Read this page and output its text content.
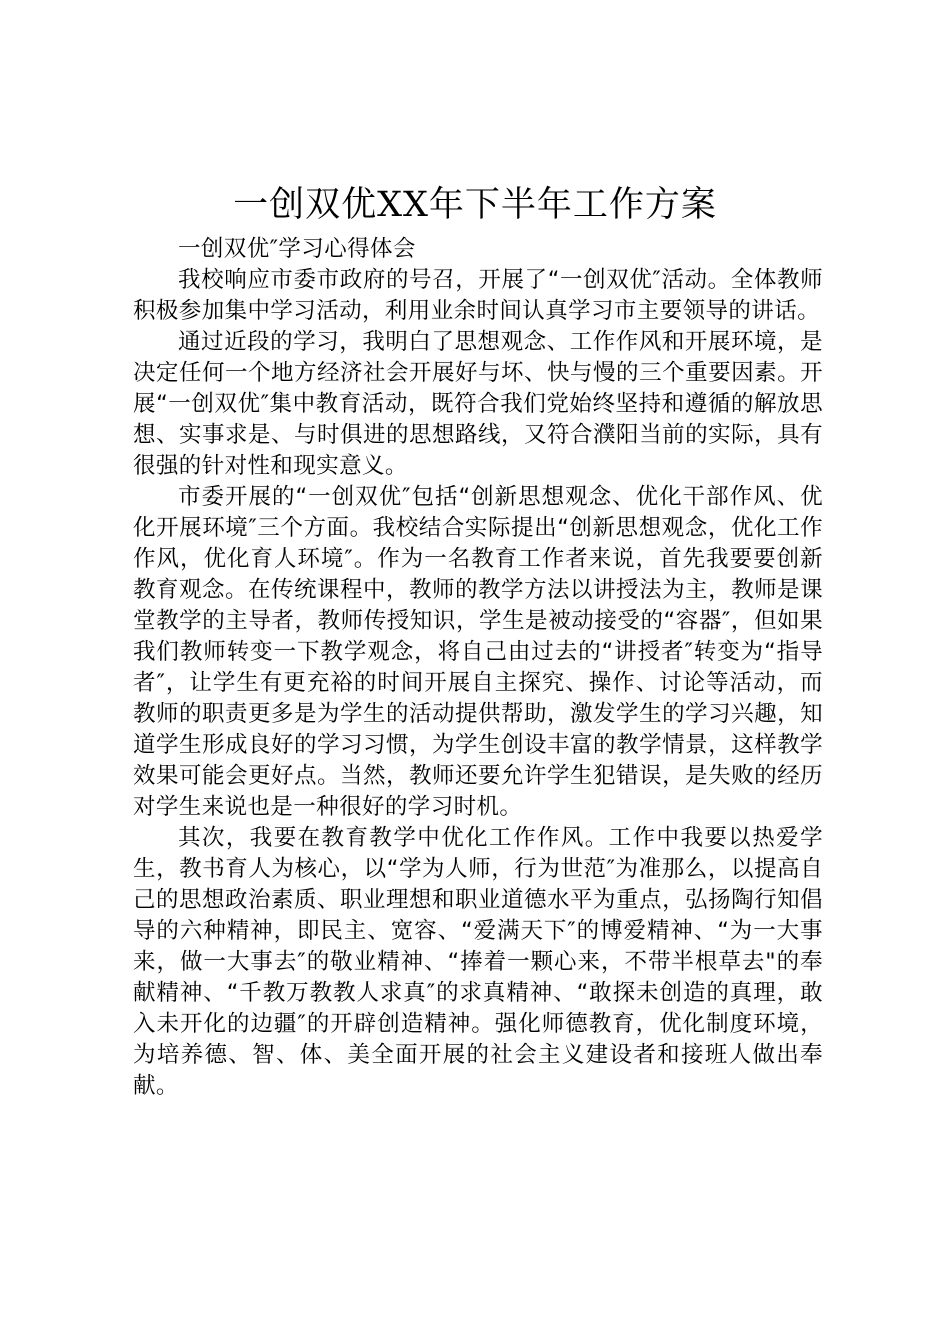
一创双优XX年下半年工作方案

一创双优″学习心得体会

我校响应市委市政府的号召，开展了“一创双优″活动。全体教师积极参加集中学习活动，利用业余时间认真学习市主要领导的讲话。

通过近段的学习，我明白了思想观念、工作作风和开展环境，是决定任何一个地方经济社会开展好与坏、快与慢的三个重要因素。开展“一创双优″集中教育活动，既符合我们党始终坚持和遵循的解放思想、实事求是、与时俱进的思想路线，又符合濮阳当前的实际，具有很强的针对性和现实意义。

市委开展的“一创双优″包括“创新思想观念、优化干部作风、优化开展环境″三个方面。我校结合实际提出“创新思想观念，优化工作作风，优化育人环境″。作为一名教育工作者来说，首先我要要创新教育观念。在传统课程中，教师的教学方法以讲授法为主，教师是课堂教学的主导者，教师传授知识，学生是被动接受的“容器″，但如果我们教师转变一下教学观念，将自己由过去的“讲授者″转变为“指导者″，让学生有更充裕的时间开展自主探究、操作、讨论等活动，而教师的职责更多是为学生的活动提供帮助，激发学生的学习兴趣，知道学生形成良好的学习习惯，为学生创设丰富的教学情景，这样教学效果可能会更好点。当然，教师还要允许学生犯错误，是失败的经历对学生来说也是一种很好的学习时机。

其次，我要在教育教学中优化工作作风。工作中我要以热爱学生，教书育人为核心，以“学为人师，行为世范″为准那么，以提高自己的思想政治素质、职业理想和职业道德水平为重点，弘扬陶行知倡导的六种精神，即民主、宽容、“爱满天下″的博爱精神、“为一大事来，做一大事去″的敬业精神、“捧着一颗心来，不带半根草去"的奉献精神、“千教万教教人求真″的求真精神、“敢探未创造的真理，敢入未开化的边疆″的开辟创造精神。强化师德教育，优化制度环境，为培养德、智、体、美全面开展的社会主义建设者和接班人做出奉献。
